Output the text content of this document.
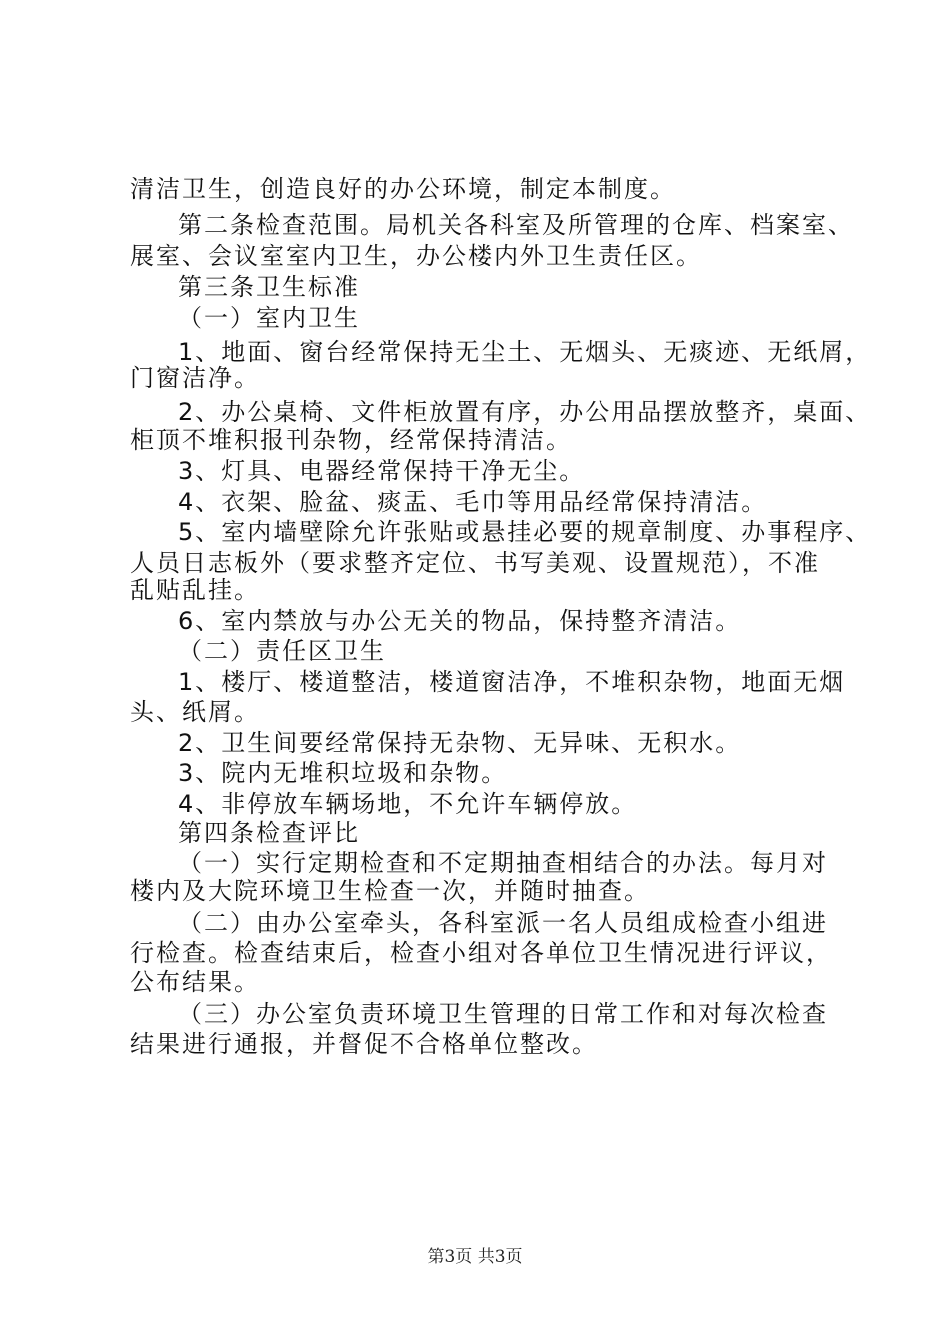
清洁卫生，创造良好的办公环境，制定本制度。
第二条检查范围。局机关各科室及所管理的仓库、档案室、
展室、会议室室内卫生，办公楼内外卫生责任区。
第三条卫生标准
（一）室内卫生
1、地面、窗台经常保持无尘土、无烟头、无痰迹、无纸屑，
门窗洁净。
2、办公桌椅、文件柜放置有序，办公用品摆放整齐，桌面、
柜顶不堆积报刊杂物，经常保持清洁。
3、灯具、电器经常保持干净无尘。
4、衣架、脸盆、痰盂、毛巾等用品经常保持清洁。
5、室内墙壁除允许张贴或悬挂必要的规章制度、办事程序、
人员日志板外（要求整齐定位、书写美观、设置规范），不准
乱贴乱挂。
6、室内禁放与办公无关的物品，保持整齐清洁。
（二）责任区卫生
1、楼厅、楼道整洁，楼道窗洁净，不堆积杂物，地面无烟
头、纸屑。
2、卫生间要经常保持无杂物、无异味、无积水。
3、院内无堆积垃圾和杂物。
4、非停放车辆场地，不允许车辆停放。
第四条检查评比
（一）实行定期检查和不定期抽查相结合的办法。每月对
楼内及大院环境卫生检查一次，并随时抽查。
（二）由办公室牵头，各科室派一名人员组成检查小组进
行检查。检查结束后，检查小组对各单位卫生情况进行评议，
公布结果。
（三）办公室负责环境卫生管理的日常工作和对每次检查
结果进行通报，并督促不合格单位整改。
第3页 共3页
